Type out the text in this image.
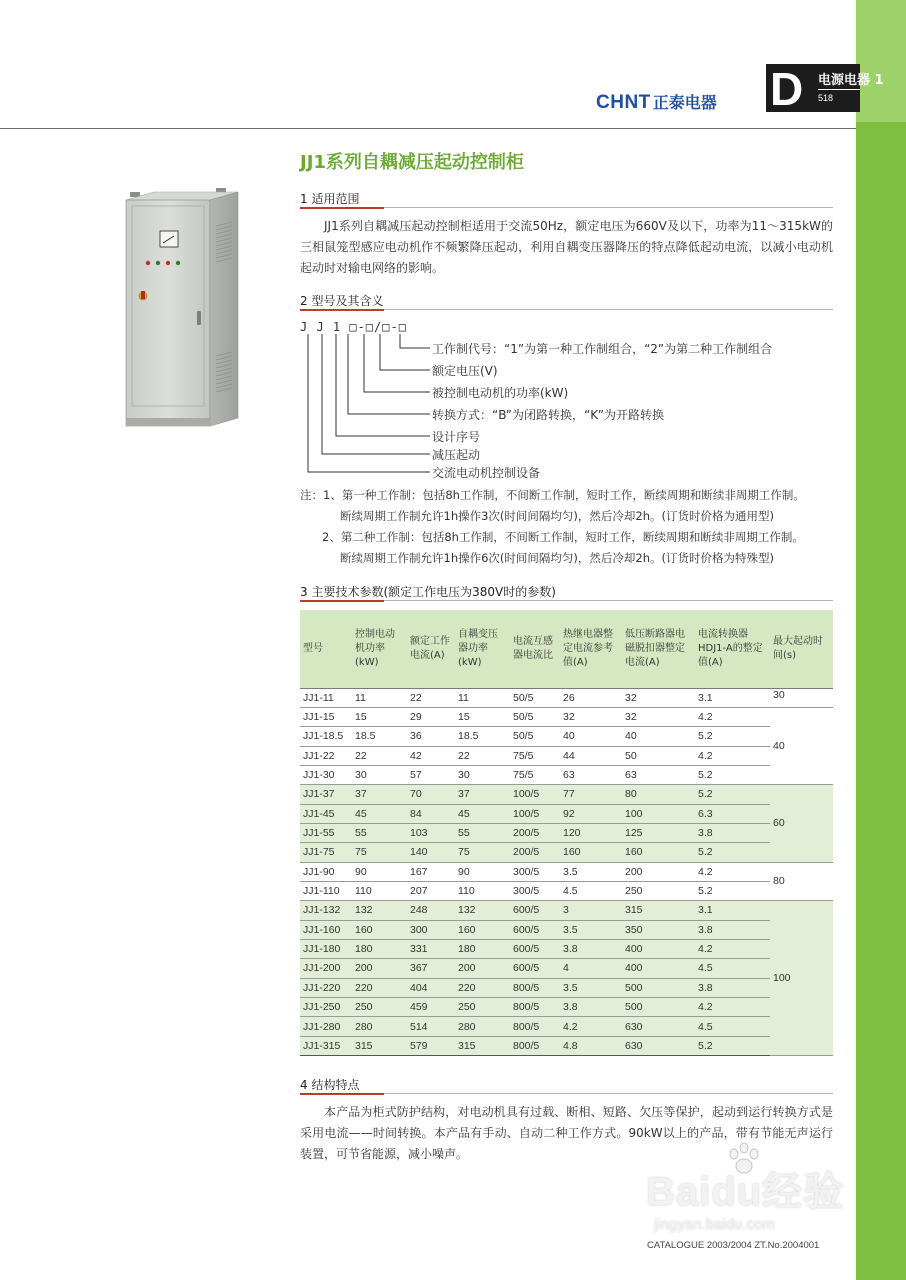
CHNT 正泰电器 D 电源电器 1
518
JJ1系列自耦减压起动控制柜
1 适用范围
JJ1系列自耦减压起动控制柜适用于交流50Hz，额定电压为660V及以下，功率为11～315kW的三相鼠笼型感应电动机作不频繁降压起动，利用自耦变压器降压的特点降低起动电流，以减小电动机起动时对输电网络的影响。
2 型号及其含义
J J 1 □-□/□-□
工作制代号：“1”为第一种工作制组合，“2”为第二种工作制组合
额定电压(V)
被控制电动机的功率(kW)
转换方式：“B”为闭路转换，“K”为开路转换
设计序号
减压起动
交流电动机控制设备
注：1、第一种工作制：包括8h工作制，不间断工作制，短时工作，断续周期和断续非周期工作制。
断续周期工作制允许1h操作3次(时间间隔均匀)，然后冷却2h。(订货时价格为通用型)
2、第二种工作制：包括8h工作制，不间断工作制，短时工作，断续周期和断续非周期工作制。
断续周期工作制允许1h操作6次(时间间隔均匀)，然后冷却2h。(订货时价格为特殊型)
3 主要技术参数(额定工作电压为380V时的参数)
型号	控制电动机功率(kW)	额定工作电流(A)	自耦变压器功率(kW)	电流互感器电流比	热继电器整定电流参考值(A)	低压断路器电磁脱扣器整定电流(A)	电流转换器HDJ1-A的整定值(A)	最大起动时间(s)
JJ1-11	11	22	11	50/5	26	32	3.1	30
JJ1-15	15	29	15	50/5	32	32	4.2	40
JJ1-18.5	18.5	36	18.5	50/5	40	40	5.2	
JJ1-22	22	42	22	75/5	44	50	4.2	
JJ1-30	30	57	30	75/5	63	63	5.2	
JJ1-37	37	70	37	100/5	77	80	5.2	60
JJ1-45	45	84	45	100/5	92	100	6.3	
JJ1-55	55	103	55	200/5	120	125	3.8	
JJ1-75	75	140	75	200/5	160	160	5.2	
JJ1-90	90	167	90	300/5	3.5	200	4.2	80
JJ1-110	110	207	110	300/5	4.5	250	5.2	
JJ1-132	132	248	132	600/5	3	315	3.1	100
JJ1-160	160	300	160	600/5	3.5	350	3.8	
JJ1-180	180	331	180	600/5	3.8	400	4.2	
JJ1-200	200	367	200	600/5	4	400	4.5	
JJ1-220	220	404	220	800/5	3.5	500	3.8	
JJ1-250	250	459	250	800/5	3.8	500	4.2	
JJ1-280	280	514	280	800/5	4.2	630	4.5	
JJ1-315	315	579	315	800/5	4.8	630	5.2	
4 结构特点
本产品为柜式防护结构，对电动机具有过载、断相、短路、欠压等保护，起动到运行转换方式是采用电流——时间转换。本产品有手动、自动二种工作方式。90kW以上的产品，带有节能无声运行装置，可节省能源，减小噪声。
Baidu经验
jingyan.baidu.com
CATALOGUE 2003/2004 ZT.No.2004001
